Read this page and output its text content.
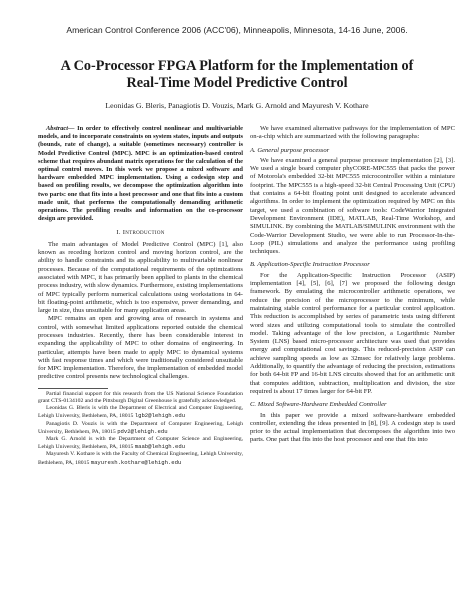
American Control Conference 2006 (ACC'06), Minneapolis, Minnesota, 14-16 June, 2006.
A Co-Processor FPGA Platform for the Implementation of
Real-Time Model Predictive Control
Leonidas G. Bleris, Panagiotis D. Vouzis, Mark G. Arnold and Mayuresh V. Kothare

Abstract— In order to effectively control nonlinear and multivariable models, and to incorporate constraints on system states, inputs and outputs (bounds, rate of change), a suitable (sometimes necessary) controller is Model Predictive Control (MPC). MPC is an optimization-based control scheme that requires abundant matrix operations for the calculation of the optimal control moves. In this work we propose a mixed software and hardware embedded MPC implementation. Using a codesign step and based on profiling results, we decompose the optimization algorithm into two parts: one that fits into a host processor and one that fits into a custom made unit, that performs the computationally demanding arithmetic operations. The profiling results and information on the co-processor design are provided.

I. Introduction

The main advantages of Model Predictive Control (MPC) [1], also known as receding horizon control and moving horizon control, are the ability to handle constraints and its applicability to multivariable nonlinear processes. Because of the computational requirements of the optimizations associated with MPC, it has primarily been applied to plants in the chemical process industry, with slow dynamics. Furthermore, existing implementations of MPC typically perform numerical calculations using workstations in 64-bit floating-point arithmetic, which is too expensive, power demanding, and large in size, thus unsuitable for many application areas.

MPC remains an open and growing area of research in systems and control, with somewhat limited applications reported outside the chemical processes industries. Recently, there has been considerable interest in expanding the applicability of MPC to other domains of engineering. In particular, attempts have been made to apply MPC to dynamical systems with fast response times and which were traditionally considered unsuitable for MPC implementation. Therefore, the implementation of embedded model predictive control presents new technological challenges.

Partial financial support for this research from the US National Science Foundation grant CTS-0134102 and the Pittsburgh Digital Greenhouse is gratefully acknowledged.

Leonidas G. Bleris is with the Department of Electrical and Computer Engineering, Lehigh University, Bethlehem, PA, 18015 lgb2@lehigh.edu

Panagiotis D. Vouzis is with the Department of Computer Engineering, Lehigh University, Bethlehem, PA, 18015 pdv2@lehigh.edu

Mark G. Arnold is with the Department of Computer Science and Engineering, Lehigh University, Bethlehem, PA, 18015 maab@lehigh.edu

Mayuresh V. Kothare is with the Faculty of Chemical Engineering, Lehigh University, Bethlehem, PA, 18015 mayuresh.kothare@lehigh.edu

We have examined alternative pathways for the implementation of MPC on-a-chip which are summarized with the following paragraphs:

A. General purpose processor

We have examined a general purpose processor implementation [2], [3]. We used a single board computer phyCORE-MPC555 that packs the power of Motorola's embedded 32-bit MPC555 microcontroller within a miniature footprint. The MPC555 is a high-speed 32-bit Central Processing Unit (CPU) that contains a 64-bit floating point unit designed to accelerate advanced algorithms. In order to implement the optimization required by MPC on this target, we used a combination of software tools: CodeWarrior Integrated Development Environment (IDE), MATLAB, Real-Time Workshop, and SIMULINK. By combining the MATLAB/SIMULINK environment with the Code-Warrior Development Studio, we were able to run Processor-In-the-Loop (PIL) simulations and analyze the performance using profiling techniques.

B. Application-Specific Instruction Processor

For the Application-Specific Instruction Processor (ASIP) implementation [4], [5], [6], [7] we proposed the following design framework. By emulating the microcontroller arithmetic operations, we reduce the precision of the microprocessor to the minimum, while maintaining stable control performance for a particular control application. This reduction is accomplished by series of parametric tests using different word sizes and utilizing computational tools to simulate the controlled model. Taking advantage of the low precision, a Logarithmic Number System (LNS) based micro-processor architecture was used that provides energy and computational cost savings. This reduced-precision ASIP can achieve sampling speeds as low as 32msec for relatively large problems. Additionally, to quantify the advantage of reducing the precision, estimations for both 64-bit FP and 16-bit LNS circuits showed that for an arithmetic unit that computes addition, subtraction, multiplication and division, the size required is about 17 times larger for 64-bit FP.

C. Mixed Software-Hardware Embedded Controller

In this paper we provide a mixed software-hardware embedded controller, extending the ideas presented in [8], [9]. A codesign step is used prior to the actual implementation that decomposes the algorithm into two parts. One part that fits into the host processor and one that fits into
